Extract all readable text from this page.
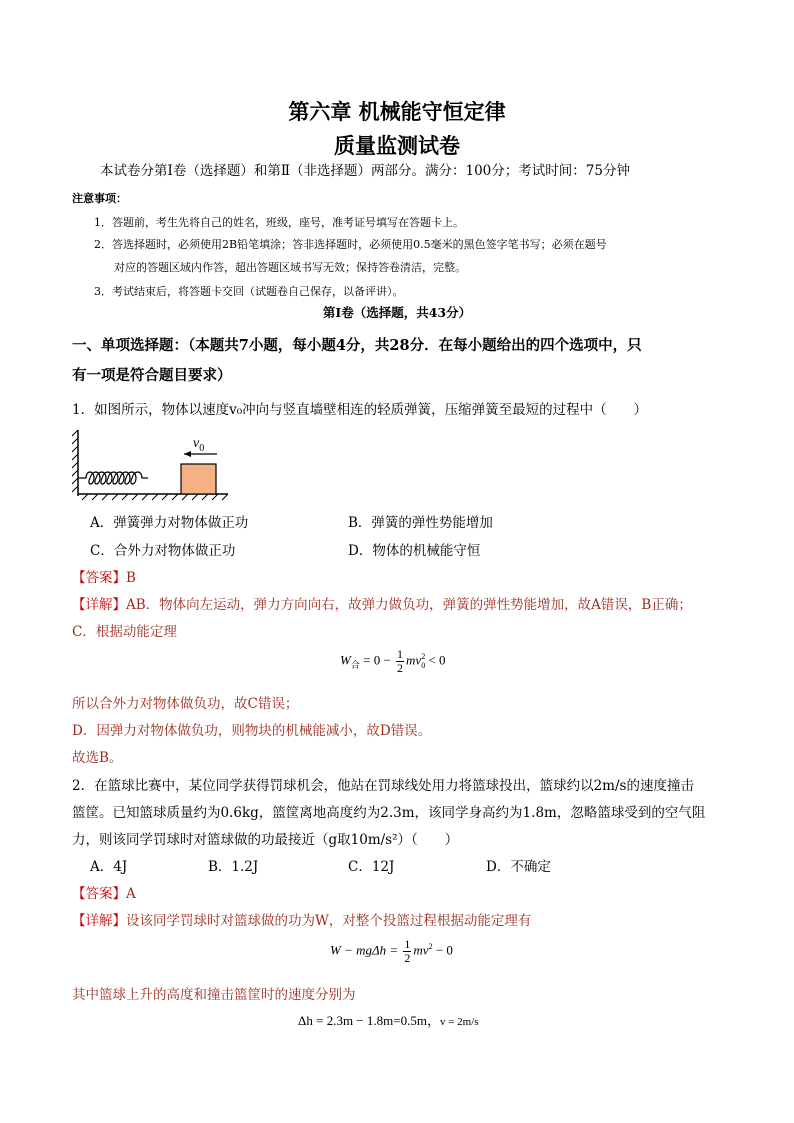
第六章 机械能守恒定律
质量监测试卷
本试卷分第Ⅰ卷（选择题）和第Ⅱ（非选择题）两部分。满分：100分；考试时间：75分钟
注意事项：
1．答题前，考生先将自己的姓名，班级，座号，准考证号填写在答题卡上。
2．答选择题时，必须使用2B铅笔填涂；答非选择题时，必须使用0.5毫米的黑色签字笔书写；必须在题号
对应的答题区域内作答，超出答题区域书写无效；保持答卷清洁，完整。
3．考试结束后，将答题卡交回（试题卷自己保存，以备评讲）。
第Ⅰ卷（选择题，共43分）
一、单项选择题：（本题共7小题，每小题4分，共28分．在每小题给出的四个选项中，只
有一项是符合题目要求）
1．如图所示，物体以速度v₀冲向与竖直墙壁相连的轻质弹簧，压缩弹簧至最短的过程中（　　）
$v_0$
A．弹簧弹力对物体做正功	B．弹簧的弹性势能增加
C．合外力对物体做正功	D．物体的机械能守恒
【答案】B
【详解】AB．物体向左运动，弹力方向向右，故弹力做负功，弹簧的弹性势能增加，故A错误，B正确；
C．根据动能定理
$W_合 = 0 - \frac{1}{2} mv^2_0 < 0$
所以合外力对物体做负功，故C错误；
D．因弹力对物体做负功，则物块的机械能减小，故D错误。
故选B。
2．在篮球比赛中，某位同学获得罚球机会，他站在罚球线处用力将篮球投出，篮球约以2m/s的速度撞击
篮筐。已知篮球质量约为0.6kg，篮筐离地高度约为2.3m，该同学身高约为1.8m，忽略篮球受到的空气阻
力，则该同学罚球时对篮球做的功最接近（g取10m/s²）（　　）
A．4J	B．1.2J	C．12J	D．不确定
【答案】A
【详解】设该同学罚球时对篮球做的功为W，对整个投篮过程根据动能定理有
$W - mg\Delta h = \frac{1}{2} mv^2 - 0$
其中篮球上升的高度和撞击篮筐时的速度分别为
Δh = 2.3m − 1.8m=0.5m，v = 2m/s
